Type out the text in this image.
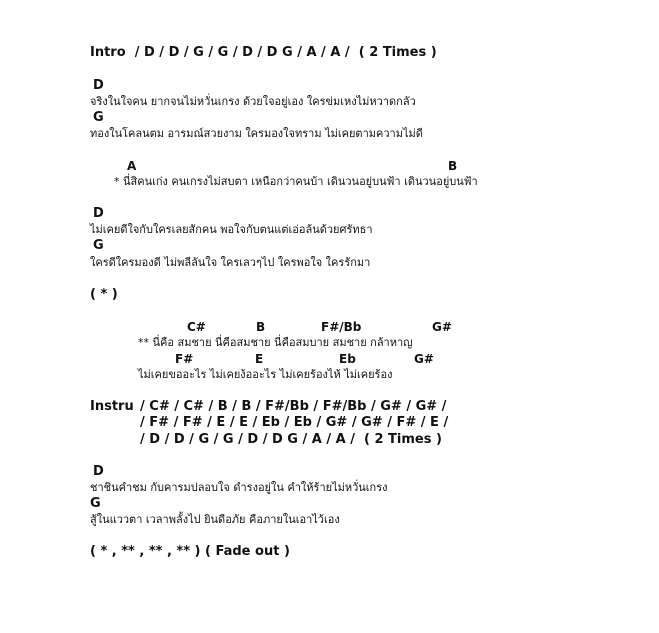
Intro  / D / D / G / G / D / D G / A / A /  ( 2 Times )
D
จริงในใจคน ยากจนไม่หวั่นเกรง ด้วยใจอยู่เอง ใครข่มเหงไม่หวาดกลัว
G
ทองในโคลนตม อารมณ์สวยงาม ใครมองใจทราม ไม่เคยตามความไม่ดี
A	B
* นี่สิคนเก่ง คนเกรงไม่สบตา เหนือกว่าคนบ้า เดินวนอยู่บนฟ้า เดินวนอยู่บนฟ้า
D
ไม่เคยดีใจกับใครเลยสักคน พอใจกับตนแต่เอ่อล้นด้วยศรัทธา
G
ใครดีใครมองดี ไม่พลีลันใจ ใครเลวๆไป ใครพอใจ ใครรักมา
( * )
C#	B	F#/Bb	G#
** นี่คือ สมชาย นี่คือสมชาย นี่คือสมบาย สมชาย กล้าหาญ
F#	E	Eb	G#
ไม่เคยขออะไร ไม่เคยง้ออะไร ไม่เคยร้องไห้ ไม่เคยร้อง
Instru / C# / C# / B / B / F#/Bb / F#/Bb / G# / G# /
/ F# / F# / E / E / Eb / Eb / G# / G# / F# / E /
/ D / D / G / G / D / D G / A / A /  ( 2 Times )
D
ชาชินคำชม กับคารมปลอบใจ ดำรงอยู่ใน คำให้ร้ายไม่หวั่นเกรง
G
สู้ในแววตา เวลาพลั้งไป ยินดีอภัย คือภายในเอาไว้เอง
( * , ** , ** , ** ) ( Fade out )
